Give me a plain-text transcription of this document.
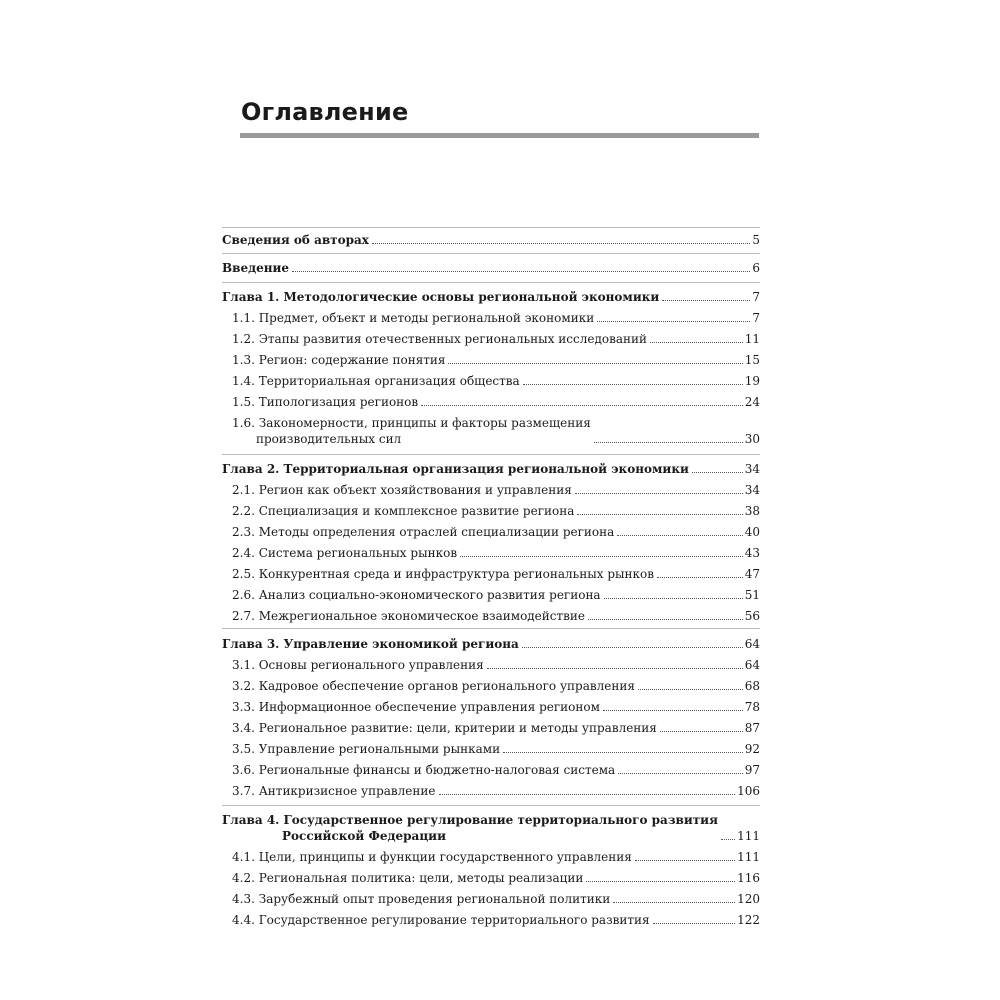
Оглавление
Сведения об авторах	5
Введение	6
Глава 1. Методологические основы региональной экономики	7
1.1. Предмет, объект и методы региональной экономики	7
1.2. Этапы развития отечественных региональных исследований	11
1.3. Регион: содержание понятия	15
1.4. Территориальная организация общества	19
1.5. Типологизация регионов	24
1.6. Закономерности, принципы и факторы размещения
производительных сил	30
Глава 2. Территориальная организация региональной экономики	34
2.1. Регион как объект хозяйствования и управления	34
2.2. Специализация и комплексное развитие региона	38
2.3. Методы определения отраслей специализации региона	40
2.4. Система региональных рынков	43
2.5. Конкурентная среда и инфраструктура региональных рынков	47
2.6. Анализ социально-экономического развития региона	51
2.7. Межрегиональное экономическое взаимодействие	56
Глава 3. Управление экономикой региона	64
3.1. Основы регионального управления	64
3.2. Кадровое обеспечение органов регионального управления	68
3.3. Информационное обеспечение управления регионом	78
3.4. Региональное развитие: цели, критерии и методы управления	87
3.5. Управление региональными рынками	92
3.6. Региональные финансы и бюджетно-налоговая система	97
3.7. Антикризисное управление	106
Глава 4. Государственное регулирование территориального развития
Российской Федерации	111
4.1. Цели, принципы и функции государственного управления	111
4.2. Региональная политика: цели, методы реализации	116
4.3. Зарубежный опыт проведения региональной политики	120
4.4. Государственное регулирование территориального развития	122
